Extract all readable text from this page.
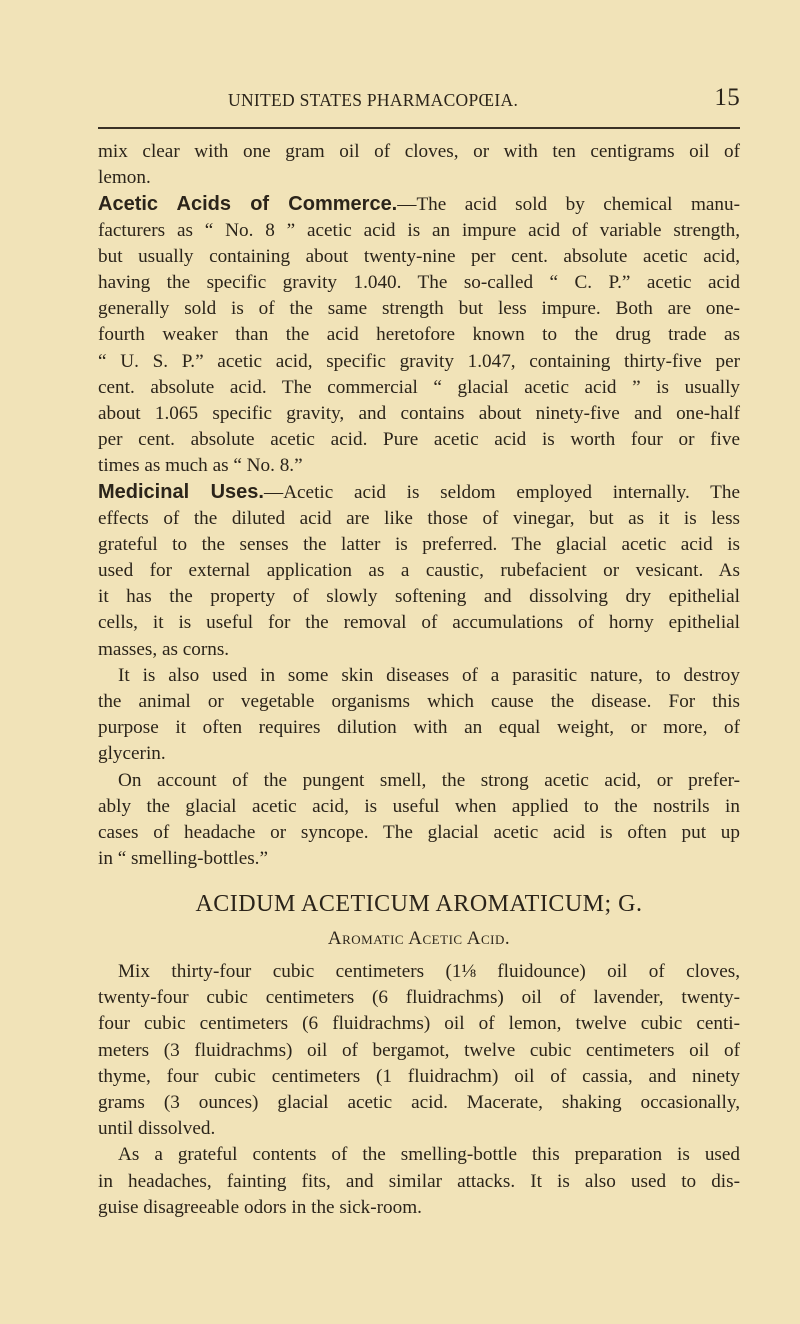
UNITED STATES PHARMACOPŒIA.	15
mix clear with one gram oil of cloves, or with ten centigrams oil of
lemon.
Acetic Acids of Commerce.—The acid sold by chemical manu-
facturers as “ No. 8 ” acetic acid is an impure acid of variable strength,
but usually containing about twenty-nine per cent. absolute acetic acid,
having the specific gravity 1.040. The so-called “ C. P.” acetic acid
generally sold is of the same strength but less impure. Both are one-
fourth weaker than the acid heretofore known to the drug trade as
“ U. S. P.” acetic acid, specific gravity 1.047, containing thirty-five per
cent. absolute acid. The commercial “ glacial acetic acid ” is usually
about 1.065 specific gravity, and contains about ninety-five and one-half
per cent. absolute acetic acid. Pure acetic acid is worth four or five
times as much as “ No. 8.”
Medicinal Uses.—Acetic acid is seldom employed internally. The
effects of the diluted acid are like those of vinegar, but as it is less
grateful to the senses the latter is preferred. The glacial acetic acid is
used for external application as a caustic, rubefacient or vesicant. As
it has the property of slowly softening and dissolving dry epithelial
cells, it is useful for the removal of accumulations of horny epithelial
masses, as corns.
It is also used in some skin diseases of a parasitic nature, to destroy
the animal or vegetable organisms which cause the disease. For this
purpose it often requires dilution with an equal weight, or more, of
glycerin.
On account of the pungent smell, the strong acetic acid, or prefer-
ably the glacial acetic acid, is useful when applied to the nostrils in
cases of headache or syncope. The glacial acetic acid is often put up
in “ smelling-bottles.”
ACIDUM ACETICUM AROMATICUM; G.
Aromatic Acetic Acid.
Mix thirty-four cubic centimeters (1⅛ fluidounce) oil of cloves,
twenty-four cubic centimeters (6 fluidrachms) oil of lavender, twenty-
four cubic centimeters (6 fluidrachms) oil of lemon, twelve cubic centi-
meters (3 fluidrachms) oil of bergamot, twelve cubic centimeters oil of
thyme, four cubic centimeters (1 fluidrachm) oil of cassia, and ninety
grams (3 ounces) glacial acetic acid. Macerate, shaking occasionally,
until dissolved.
As a grateful contents of the smelling-bottle this preparation is used
in headaches, fainting fits, and similar attacks. It is also used to dis-
guise disagreeable odors in the sick-room.
